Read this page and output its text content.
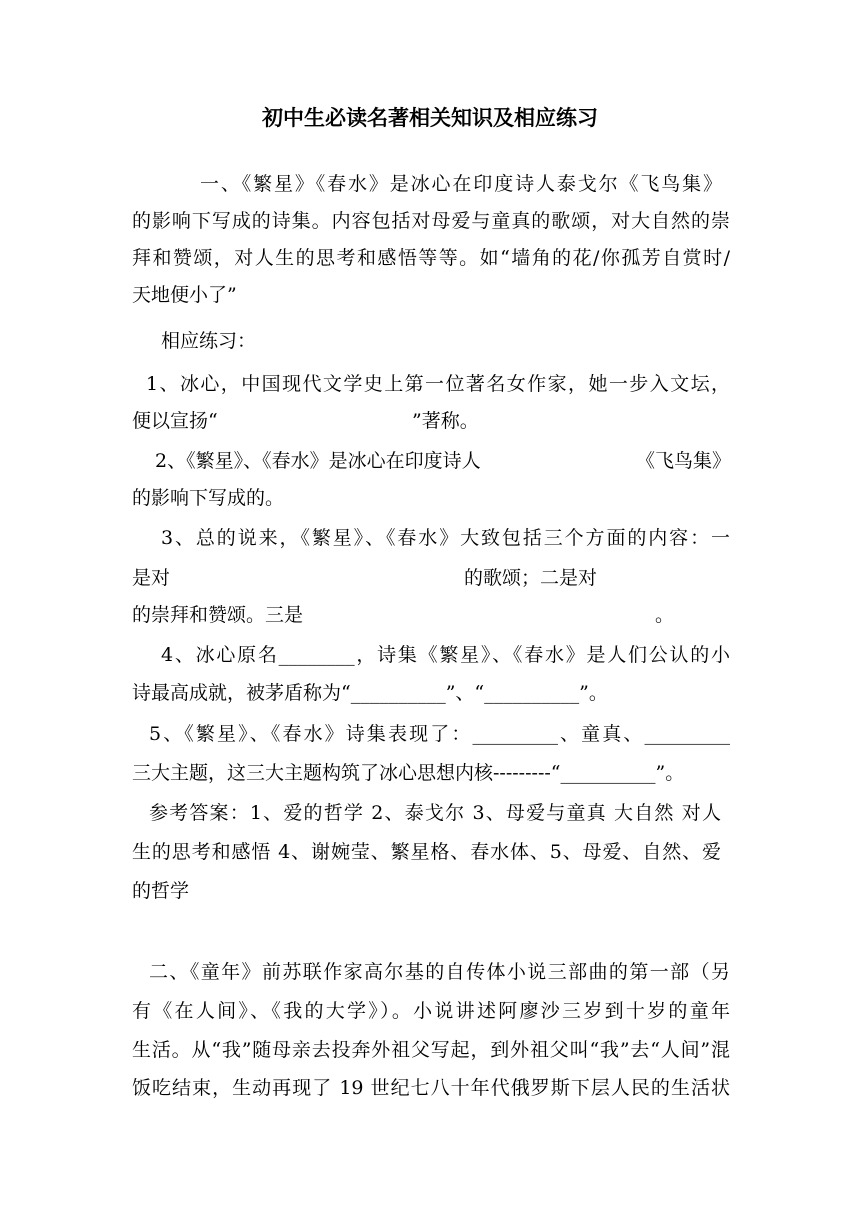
初中生必读名著相关知识及相应练习
一、《繁星》《春水》是冰心在印度诗人泰戈尔《飞鸟集》
的影响下写成的诗集。内容包括对母爱与童真的歌颂，对大自然的崇
拜和赞颂，对人生的思考和感悟等等。如“墙角的花/你孤芳自赏时/
天地便小了”
相应练习：
1、冰心，中国现代文学史上第一位著名女作家，她一步入文坛，
便以宣扬“	”著称。
2、《繁星》、《春水》是冰心在印度诗人	《飞鸟集》
的影响下写成的。
3、总的说来，《繁星》、《春水》大致包括三个方面的内容：一
是对	的歌颂；二是对
的崇拜和赞颂。三是	。
4、冰心原名________，诗集《繁星》、《春水》是人们公认的小
诗最高成就，被茅盾称为“__________”、“__________”。
5、《繁星》、《春水》诗集表现了：_________、童真、_________
三大主题，这三大主题构筑了冰心思想内核---------“__________”。
参考答案：1、爱的哲学 2、泰戈尔 3、母爱与童真 大自然 对人
生的思考和感悟 4、谢婉莹、繁星格、春水体、5、母爱、自然、爱
的哲学
二、《童年》前苏联作家高尔基的自传体小说三部曲的第一部（另
有《在人间》、《我的大学》）。小说讲述阿廖沙三岁到十岁的童年
生活。从“我”随母亲去投奔外祖父写起，到外祖父叫“我”去“人间”混
饭吃结束，生动再现了 19 世纪七八十年代俄罗斯下层人民的生活状
